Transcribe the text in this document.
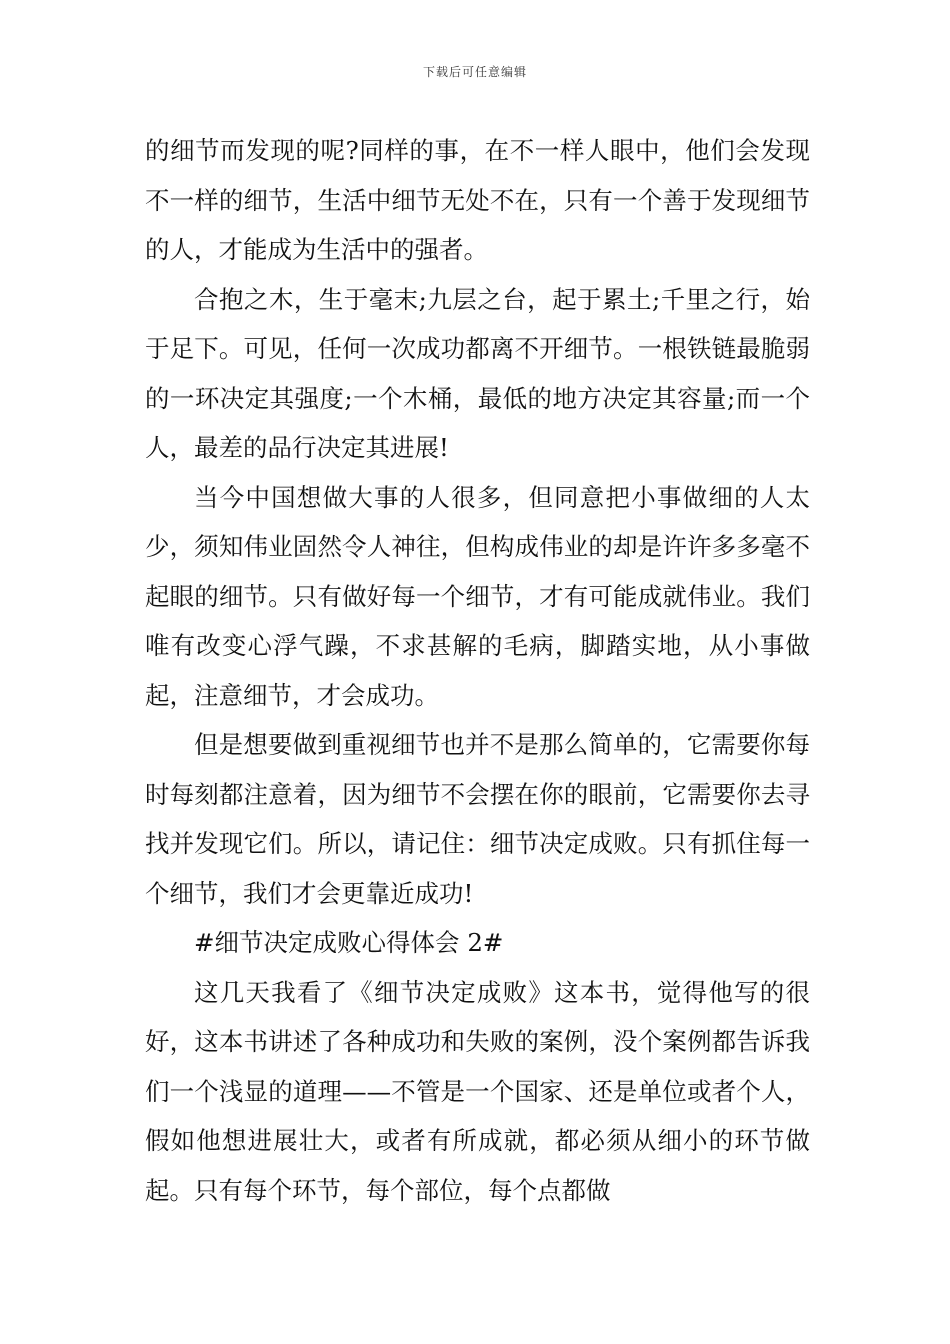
下载后可任意编辑

的细节而发现的呢?同样的事，在不一样人眼中，他们会发现不一样的细节，生活中细节无处不在，只有一个善于发现细节的人，才能成为生活中的强者。

合抱之木，生于毫末;九层之台，起于累土;千里之行，始于足下。可见，任何一次成功都离不开细节。一根铁链最脆弱的一环决定其强度;一个木桶，最低的地方决定其容量;而一个人，最差的品行决定其进展!

当今中国想做大事的人很多，但同意把小事做细的人太少，须知伟业固然令人神往，但构成伟业的却是许许多多毫不起眼的细节。只有做好每一个细节，才有可能成就伟业。我们唯有改变心浮气躁，不求甚解的毛病，脚踏实地，从小事做起，注意细节，才会成功。

但是想要做到重视细节也并不是那么简单的，它需要你每时每刻都注意着，因为细节不会摆在你的眼前，它需要你去寻找并发现它们。所以，请记住：细节决定成败。只有抓住每一个细节，我们才会更靠近成功!

#细节决定成败心得体会 2#

这几天我看了《细节决定成败》这本书，觉得他写的很好，这本书讲述了各种成功和失败的案例，没个案例都告诉我们一个浅显的道理——不管是一个国家、还是单位或者个人，假如他想进展壮大，或者有所成就，都必须从细小的环节做起。只有每个环节，每个部位，每个点都做
